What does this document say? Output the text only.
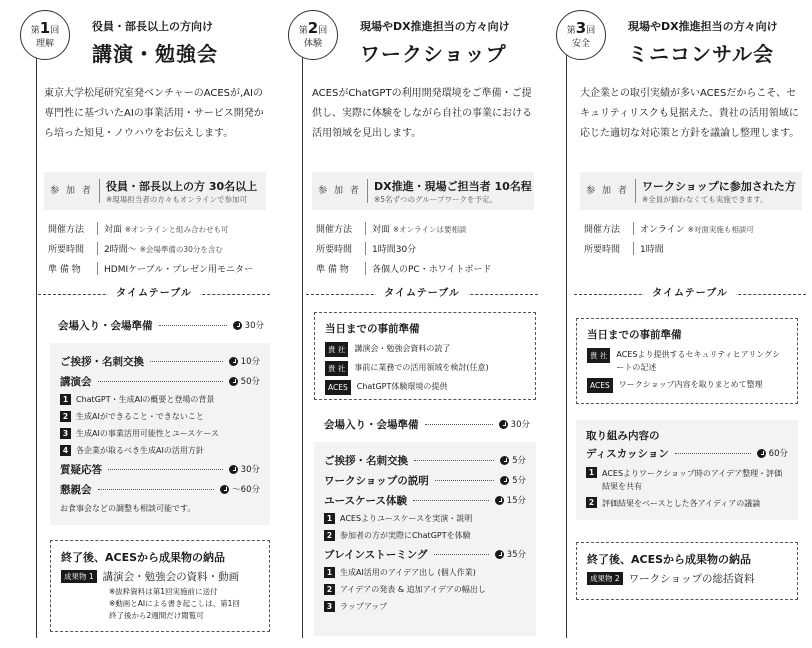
第1回
理解
役員・部長以上の方向け
講演・勉強会
東京大学松尾研究室発ベンチャーのACESが,AIの専門性に基づいたAIの事業活用・サービス開発から培った知見・ノウハウをお伝えします。
参 加 者	役員・部長以上の方 30名以上
※現場担当者の方々もオンラインで参加可
開催方法	対面 ※オンラインと組み合わせも可
所要時間	2時間〜 ※会場準備の30分を含む
準 備 物	HDMIケーブル・プレゼン用モニター
タイムテーブル
会場入り・会場準備	30分
ご挨拶・名刺交換	10分
講演会	50分
1 ChatGPT・生成AIの概要と登場の背景
2 生成AIができること・できないこと
3 生成AIの事業活用可能性とユースケース
4 各企業が取るべき生成AIの活用方針
質疑応答	30分
懇親会	〜60分
お食事会などの調整も相談可能です。
終了後、ACESから成果物の納品
成果物 1 講演会・勉強会の資料・動画
※抜粋資料は第1回実施前に送付
※動画とAIによる書き起こしは、第1回
終了後から2週間だけ閲覧可
第2回
体験
現場やDX推進担当の方々向け
ワークショップ
ACESがChatGPTの利用開発環境をご準備・ご提供し、実際に体験をしながら自社の事業における活用領域を見出します。
参 加 者	DX推進・現場ご担当者 10名程
※5名ずつのグループワークを予定。
開催方法	対面 ※オンラインは要相談
所要時間	1時間30分
準 備 物	各個人のPC・ホワイトボード
タイムテーブル
当日までの事前準備
貴 社	講演会・勉強会資料の読了
貴 社	事前に業務での活用領域を検討(任意)
ACES	ChatGPT体験環境の提供
会場入り・会場準備	30分
ご挨拶・名刺交換	5分
ワークショップの説明	5分
ユースケース体験	15分
1 ACESよりユースケースを実演・説明
2 参加者の方が実際にChatGPTを体験
ブレインストーミング	35分
1 生成AI活用のアイデア出し (個人作業)
2 アイデアの発表 & 追加アイデアの幅出し
3 ラップアップ
第3回
安全
現場やDX推進担当の方々向け
ミニコンサル会
大企業との取引実績が多いACESだからこそ、セキュリティリスクも見据えた、貴社の活用領域に応じた適切な対応策と方針を議論し整理します。
参 加 者	ワークショップに参加された方
※全員が揃わなくても実施できます。
開催方法	オンライン ※対面実施も相談可
所要時間	1時間
タイムテーブル
当日までの事前準備
貴 社	ACESより提供するセキュリティヒアリングシートの記述
ACES	ワークショップ内容を取りまとめて整理
取り組み内容の
ディスカッション	60分
1 ACESよりワークショップ時のアイデア整理・評価結果を共有
2 評価結果をベースとした各アイディアの議論
終了後、ACESから成果物の納品
成果物 2 ワークショップの総括資料
